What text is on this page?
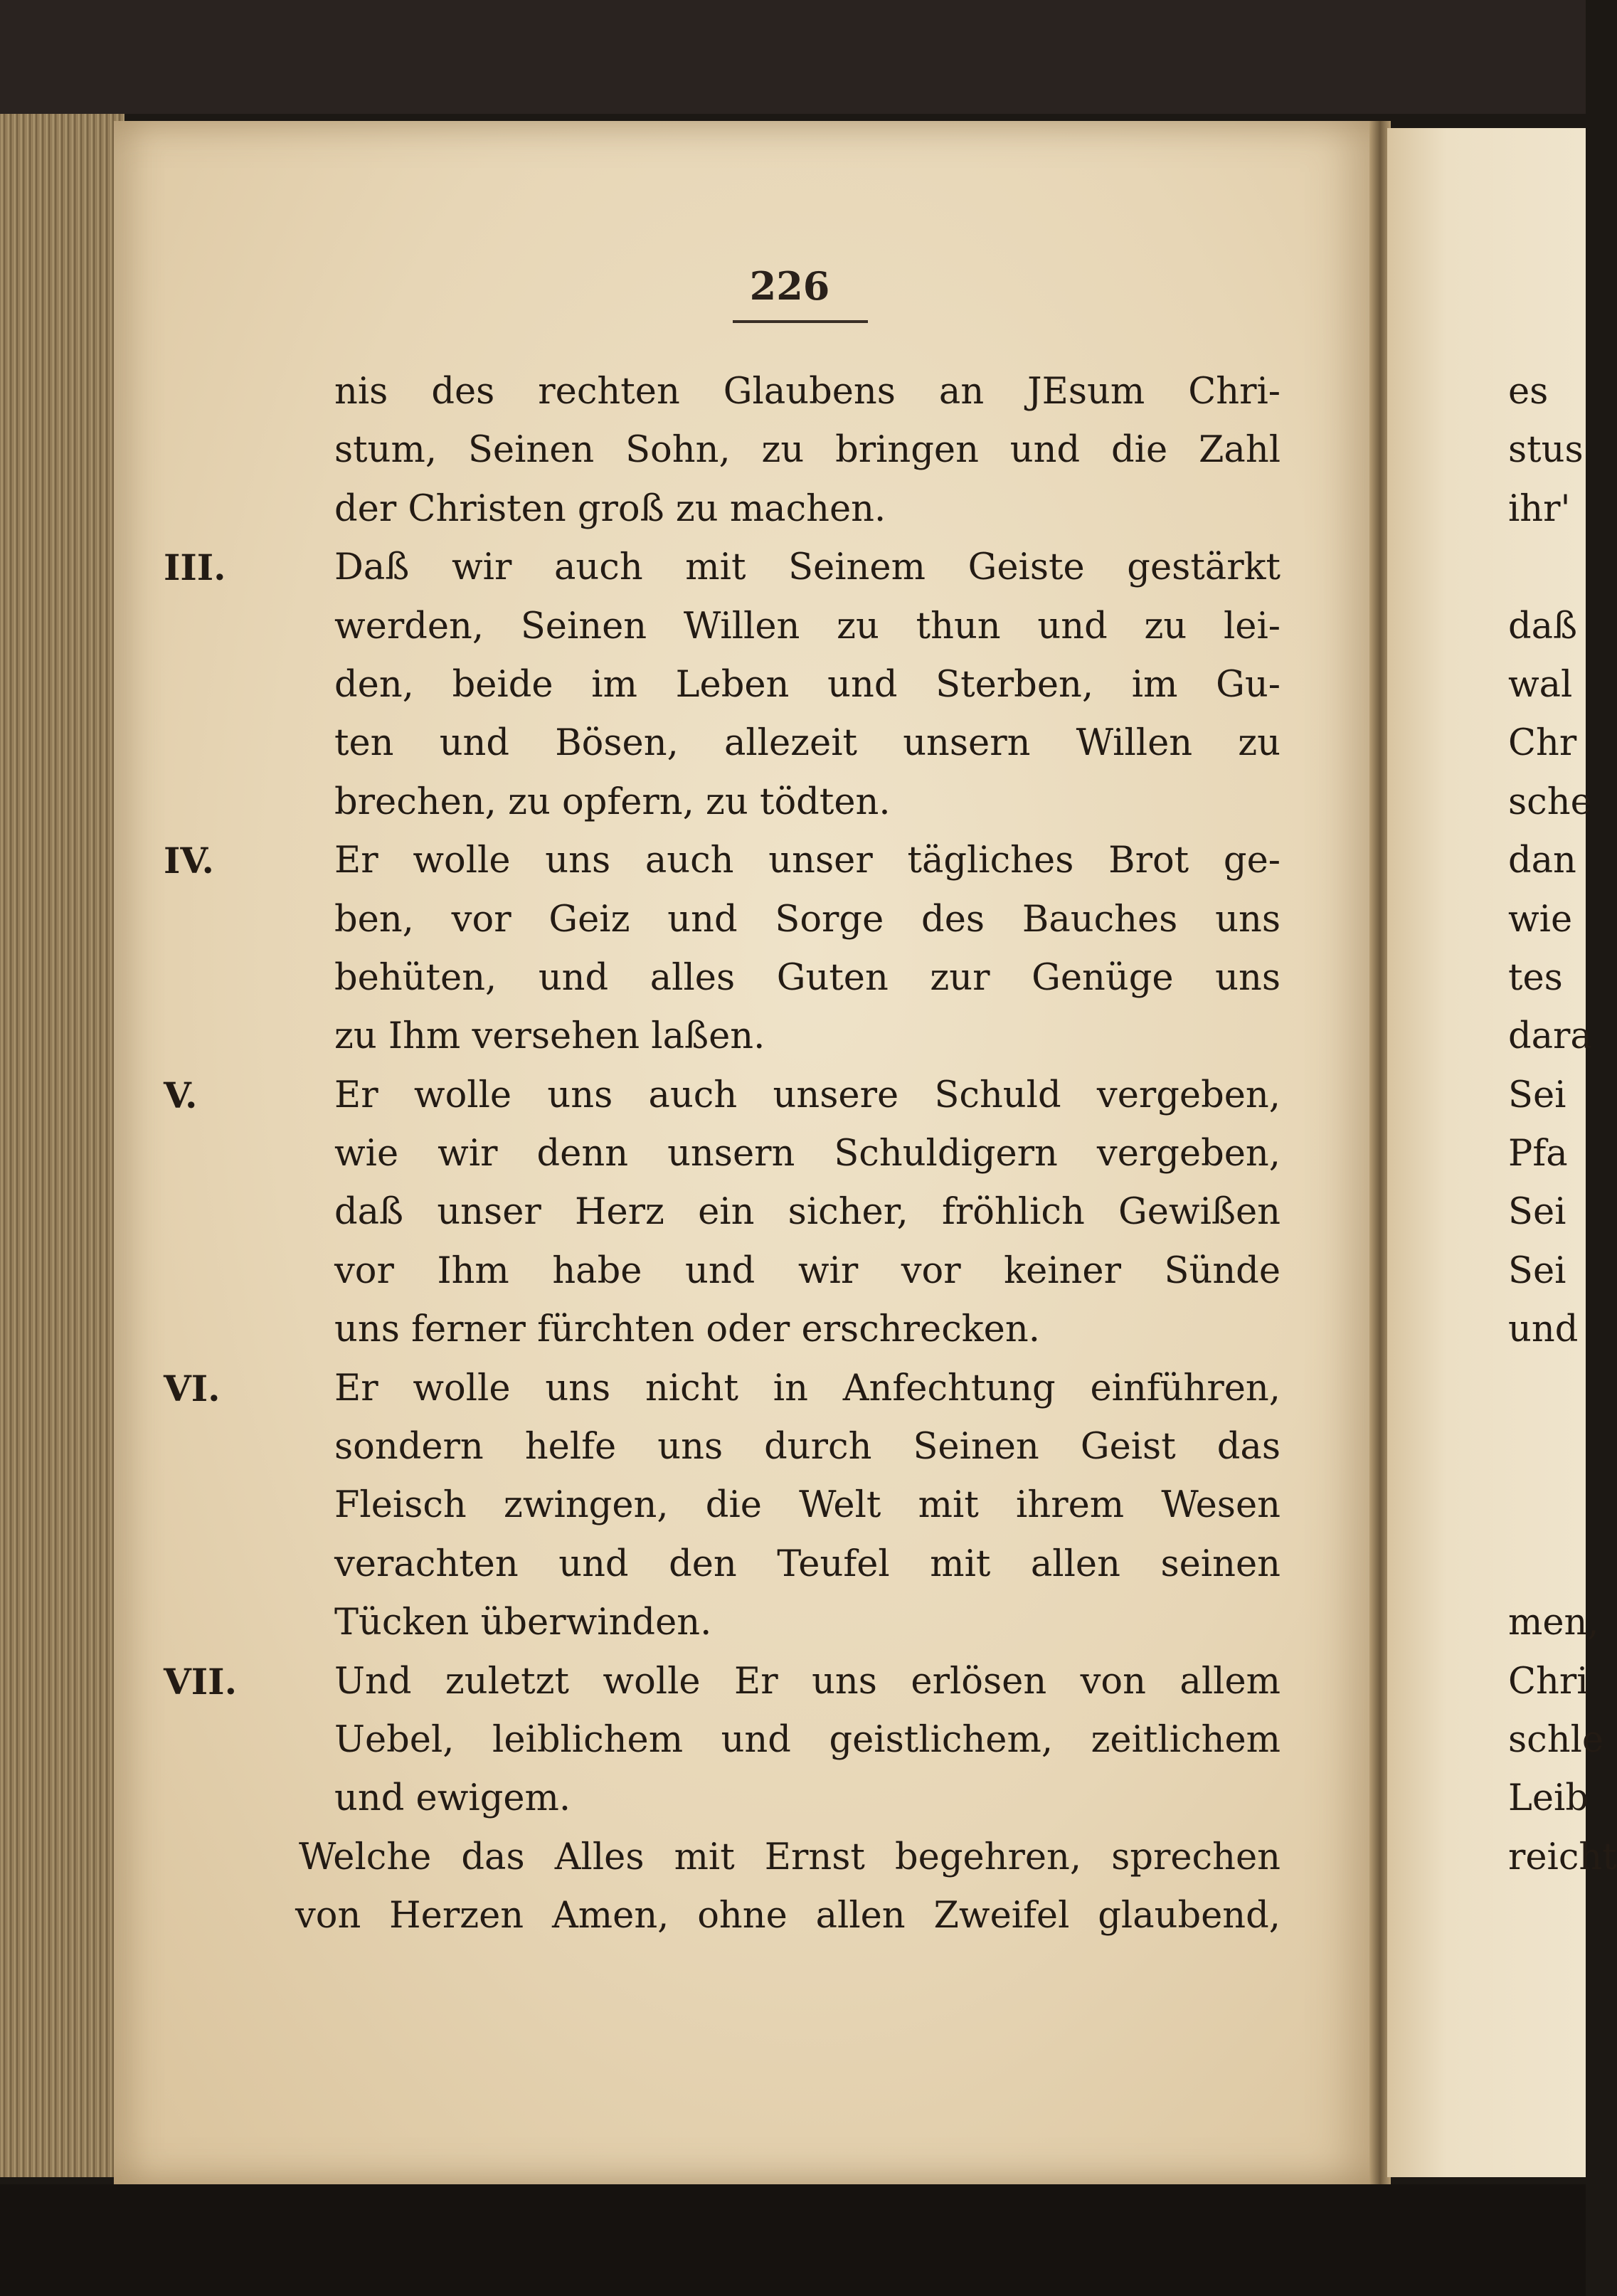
226
nis des rechten Glaubens an JEsum Chri-
stum, Seinen Sohn, zu bringen und die Zahl
der Christen groß zu machen.
III.	Daß wir auch mit Seinem Geiste gestärkt
werden, Seinen Willen zu thun und zu lei-
den, beide im Leben und Sterben, im Gu-
ten und Bösen, allezeit unsern Willen zu
brechen, zu opfern, zu tödten.
IV.	Er wolle uns auch unser tägliches Brot ge-
ben, vor Geiz und Sorge des Bauches uns
behüten, und alles Guten zur Genüge uns
zu Ihm versehen laßen.
V.	Er wolle uns auch unsere Schuld vergeben,
wie wir denn unsern Schuldigern vergeben,
daß unser Herz ein sicher, fröhlich Gewißen
vor Ihm habe und wir vor keiner Sünde
uns ferner fürchten oder erschrecken.
VI.	Er wolle uns nicht in Anfechtung einführen,
sondern helfe uns durch Seinen Geist das
Fleisch zwingen, die Welt mit ihrem Wesen
verachten und den Teufel mit allen seinen
Tücken überwinden.
VII.	Und zuletzt wolle Er uns erlösen von allem
Uebel, leiblichem und geistlichem, zeitlichem
und ewigem.
Welche das Alles mit Ernst begehren, sprechen
von Herzen Amen, ohne allen Zweifel glaubend,
es
stus
ihr'
daß
wal
Chr
sche
dan
wie
tes
dara
Sei
Pfa
Sei
Sei
und
men,
Chri
schle
Leib
reicht
